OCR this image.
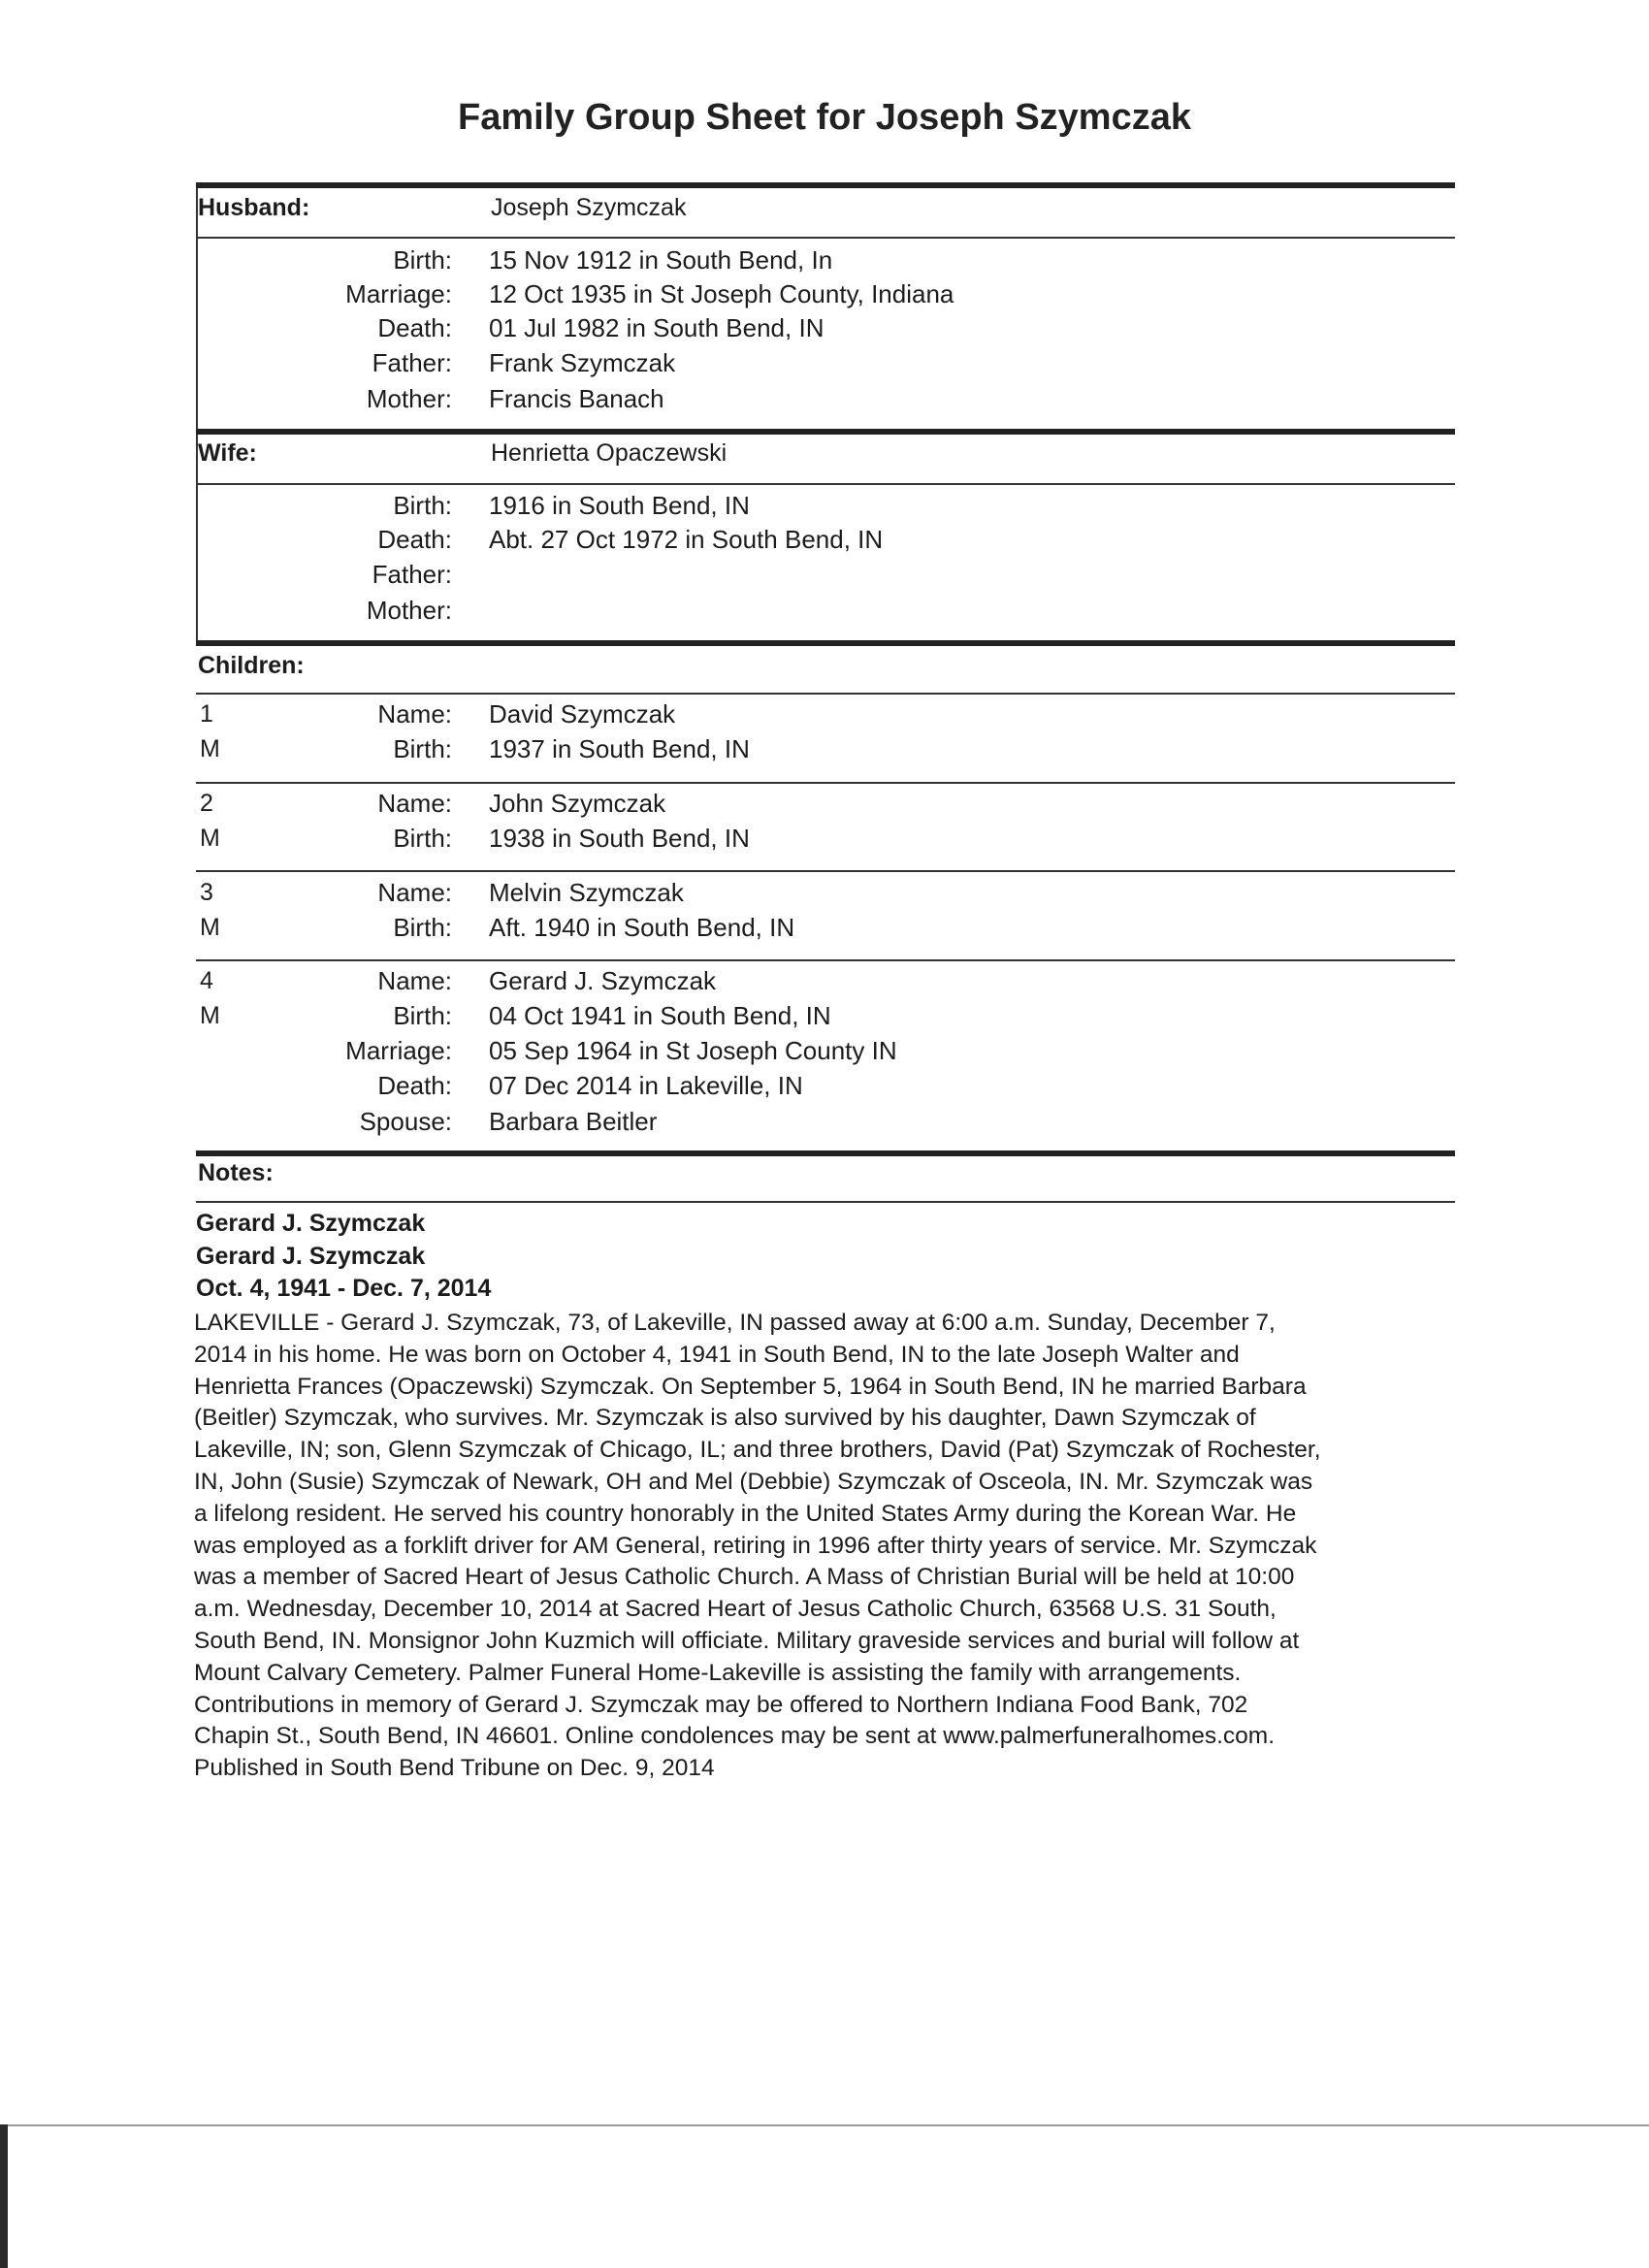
Family Group Sheet for Joseph Szymczak
Husband:	Joseph Szymczak
Birth: 15 Nov 1912 in South Bend, In
Marriage: 12 Oct 1935 in St Joseph County, Indiana
Death: 01 Jul 1982 in South Bend, IN
Father: Frank Szymczak
Mother: Francis Banach
Wife:	Henrietta Opaczewski
Birth: 1916 in South Bend, IN
Death: Abt. 27 Oct 1972 in South Bend, IN
Father:
Mother:
Children:
1
M
Name: David Szymczak
Birth: 1937 in South Bend, IN
2
M
Name: John Szymczak
Birth: 1938 in South Bend, IN
3
M
Name: Melvin Szymczak
Birth: Aft. 1940 in South Bend, IN
4
M
Name: Gerard J. Szymczak
Birth: 04 Oct 1941 in South Bend, IN
Marriage: 05 Sep 1964 in St Joseph County IN
Death: 07 Dec 2014 in Lakeville, IN
Spouse: Barbara Beitler
Notes:
Gerard J. Szymczak
Gerard J. Szymczak
Oct. 4, 1941 - Dec. 7, 2014
LAKEVILLE - Gerard J. Szymczak, 73, of Lakeville, IN passed away at 6:00 a.m. Sunday, December 7,
2014 in his home. He was born on October 4, 1941 in South Bend, IN to the late Joseph Walter and
Henrietta Frances (Opaczewski) Szymczak. On September 5, 1964 in South Bend, IN he married Barbara
(Beitler) Szymczak, who survives. Mr. Szymczak is also survived by his daughter, Dawn Szymczak of
Lakeville, IN; son, Glenn Szymczak of Chicago, IL; and three brothers, David (Pat) Szymczak of Rochester,
IN, John (Susie) Szymczak of Newark, OH and Mel (Debbie) Szymczak of Osceola, IN. Mr. Szymczak was
a lifelong resident. He served his country honorably in the United States Army during the Korean War. He
was employed as a forklift driver for AM General, retiring in 1996 after thirty years of service. Mr. Szymczak
was a member of Sacred Heart of Jesus Catholic Church. A Mass of Christian Burial will be held at 10:00
a.m. Wednesday, December 10, 2014 at Sacred Heart of Jesus Catholic Church, 63568 U.S. 31 South,
South Bend, IN. Monsignor John Kuzmich will officiate. Military graveside services and burial will follow at
Mount Calvary Cemetery. Palmer Funeral Home-Lakeville is assisting the family with arrangements.
Contributions in memory of Gerard J. Szymczak may be offered to Northern Indiana Food Bank, 702
Chapin St., South Bend, IN 46601. Online condolences may be sent at www.palmerfuneralhomes.com.
Published in South Bend Tribune on Dec. 9, 2014
